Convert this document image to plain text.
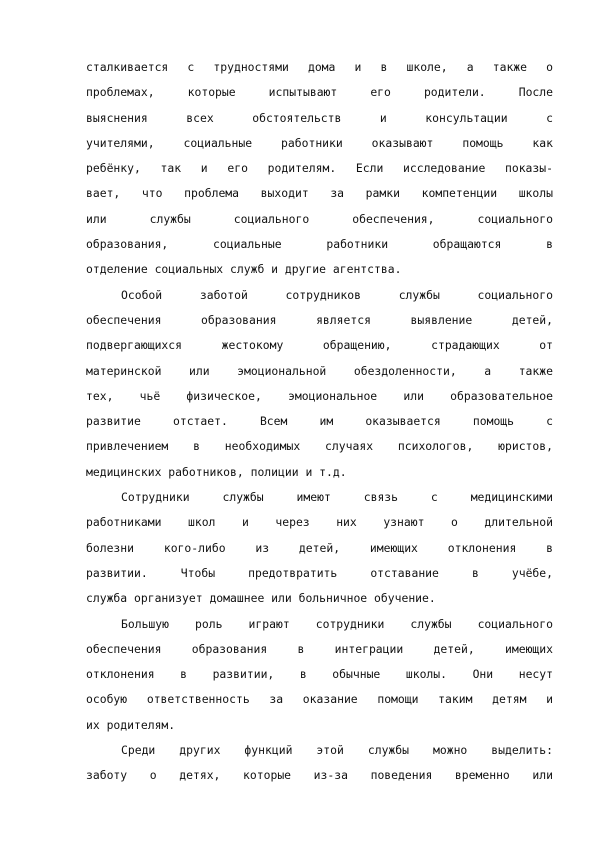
сталкивается с трудностями дома и в школе, а также о
проблемах, которые испытывают его родители. После
выяснения всех обстоятельств и консультации с
учителями, социальные работники оказывают помощь как
ребёнку, так и его родителям. Если исследование показы-
вает, что проблема выходит за рамки компетенции школы
или службы социального обеспечения, социального
образования, социальные работники обращаются в
отделение социальных служб и другие агентства.
Особой заботой сотрудников службы социального
обеспечения образования является выявление детей,
подвергающихся жестокому обращению, страдающих от
материнской или эмоциональной обездоленности, а также
тех, чьё физическое, эмоциональное или образовательное
развитие отстает. Всем им оказывается помощь с
привлечением в необходимых случаях психологов, юристов,
медицинских работников, полиции и т.д.
Сотрудники службы имеют связь с медицинскими
работниками школ и через них узнают о длительной
болезни кого-либо из детей, имеющих отклонения в
развитии. Чтобы предотвратить отставание в учёбе,
служба организует домашнее или больничное обучение.
Большую роль играют сотрудники службы социального
обеспечения образования в интеграции детей, имеющих
отклонения в развитии, в обычные школы. Они несут
особую ответственность за оказание помощи таким детям и
их родителям.
Среди других функций этой службы можно выделить:
заботу о детях, которые из-за поведения временно или
